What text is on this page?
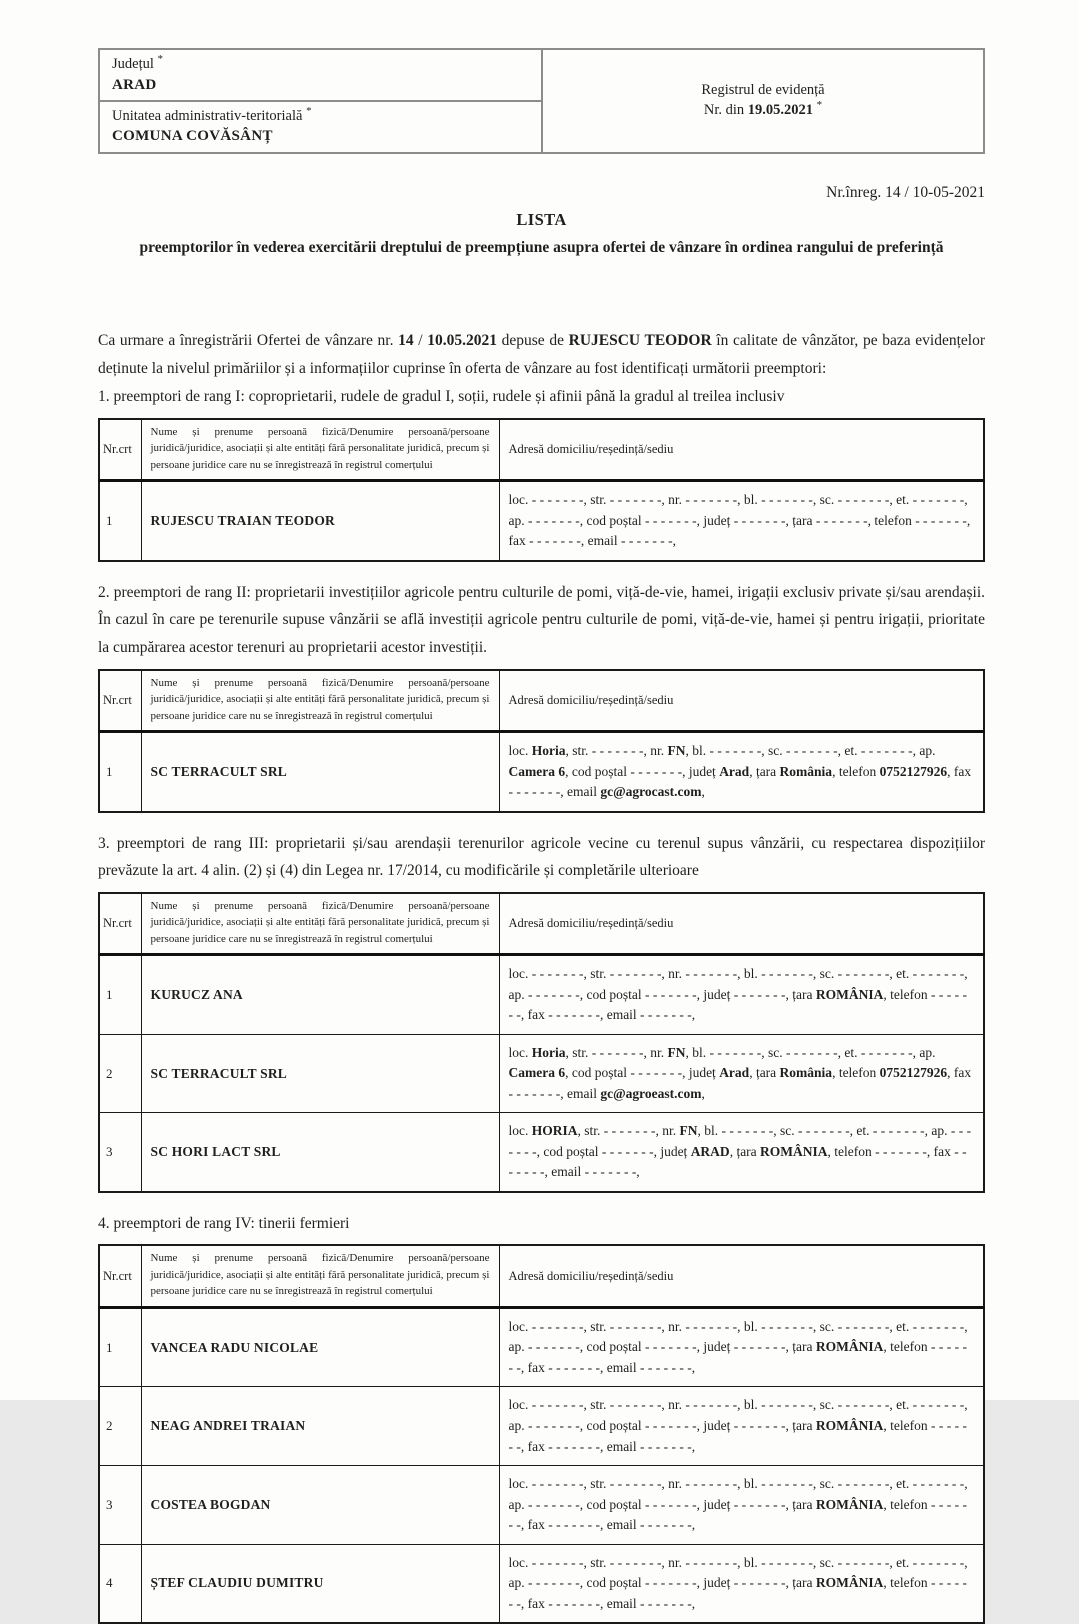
Județul *
ARAD	Registrul de evidență
Nr. din 19.05.2021 *
Unitatea administrativ-teritorială *
COMUNA COVĂSÂNȚ
Nr.înreg. 14 / 10-05-2021
LISTA
preemptorilor în vederea exercitării dreptului de preempțiune asupra ofertei de vânzare în ordinea rangului de preferință

Ca urmare a înregistrării Ofertei de vânzare nr. 14 / 10.05.2021 depuse de RUJESCU TEODOR în calitate de vânzător, pe baza evidențelor deținute la nivelul primăriilor și a informațiilor cuprinse în oferta de vânzare au fost identificați următorii preemptori:

1. preemptori de rang I: coproprietarii, rudele de gradul I, soții, rudele și afinii până la gradul al treilea inclusiv
Nr.crt	Nume și prenume persoană fizică/Denumire persoană/persoane juridică/juridice, asociații și alte entități fără personalitate juridică, precum și persoane juridice care nu se înregistrează în registrul comerțului	Adresă domiciliu/reședință/sediu
1	RUJESCU TRAIAN TEODOR	loc. - - - - - - -, str. - - - - - - -, nr. - - - - - - -, bl. - - - - - - -, sc. - - - - - - -, et. - - - - - - -, ap. - - - - - - -, cod poștal - - - - - - -, județ - - - - - - -, țara - - - - - - -, telefon - - - - - - -, fax - - - - - - -, email - - - - - - -,
2. preemptori de rang II: proprietarii investițiilor agricole pentru culturile de pomi, viță-de-vie, hamei, irigații exclusiv private și/sau arendașii. În cazul în care pe terenurile supuse vânzării se află investiții agricole pentru culturile de pomi, viță-de-vie, hamei și pentru irigații, prioritate la cumpărarea acestor terenuri au proprietarii acestor investiții.
Nr.crt	Nume și prenume persoană fizică/Denumire persoană/persoane juridică/juridice, asociații și alte entități fără personalitate juridică, precum și persoane juridice care nu se înregistrează în registrul comerțului	Adresă domiciliu/reședință/sediu
1	SC TERRACULT SRL	loc. Horia, str. - - - - - - -, nr. FN, bl. - - - - - - -, sc. - - - - - - -, et. - - - - - - -, ap. Camera 6, cod poștal - - - - - - -, județ Arad, țara România, telefon 0752127926, fax - - - - - - -, email gc@agrocast.com,
3. preemptori de rang III: proprietarii și/sau arendașii terenurilor agricole vecine cu terenul supus vânzării, cu respectarea dispozițiilor prevăzute la art. 4 alin. (2) și (4) din Legea nr. 17/2014, cu modificările și completările ulterioare
Nr.crt	Nume și prenume persoană fizică/Denumire persoană/persoane juridică/juridice, asociații și alte entități fără personalitate juridică, precum și persoane juridice care nu se înregistrează în registrul comerțului	Adresă domiciliu/reședință/sediu
1	KURUCZ ANA	loc. - - - - - - -, str. - - - - - - -, nr. - - - - - - -, bl. - - - - - - -, sc. - - - - - - -, et. - - - - - - -, ap. - - - - - - -, cod poștal - - - - - - -, județ - - - - - - -, țara ROMÂNIA, telefon - - - - - - -, fax - - - - - - -, email - - - - - - -,
2	SC TERRACULT SRL	loc. Horia, str. - - - - - - -, nr. FN, bl. - - - - - - -, sc. - - - - - - -, et. - - - - - - -, ap. Camera 6, cod poștal - - - - - - -, județ Arad, țara România, telefon 0752127926, fax - - - - - - -, email gc@agroeast.com,
3	SC HORI LACT SRL	loc. HORIA, str. - - - - - - -, nr. FN, bl. - - - - - - -, sc. - - - - - - -, et. - - - - - - -, ap. - - - - - - -, cod poștal - - - - - - -, județ ARAD, țara ROMÂNIA, telefon - - - - - - -, fax - - - - - - -, email - - - - - - -,
4. preemptori de rang IV: tinerii fermieri
Nr.crt	Nume și prenume persoană fizică/Denumire persoană/persoane juridică/juridice, asociații și alte entități fără personalitate juridică, precum și persoane juridice care nu se înregistrează în registrul comerțului	Adresă domiciliu/reședință/sediu
1	VANCEA RADU NICOLAE	loc. - - - - - - -, str. - - - - - - -, nr. - - - - - - -, bl. - - - - - - -, sc. - - - - - - -, et. - - - - - - -, ap. - - - - - - -, cod poștal - - - - - - -, județ - - - - - - -, țara ROMÂNIA, telefon - - - - - - -, fax - - - - - - -, email - - - - - - -,
2	NEAG ANDREI TRAIAN	loc. - - - - - - -, str. - - - - - - -, nr. - - - - - - -, bl. - - - - - - -, sc. - - - - - - -, et. - - - - - - -, ap. - - - - - - -, cod poștal - - - - - - -, județ - - - - - - -, țara ROMÂNIA, telefon - - - - - - -, fax - - - - - - -, email - - - - - - -,
3	COSTEA BOGDAN	loc. - - - - - - -, str. - - - - - - -, nr. - - - - - - -, bl. - - - - - - -, sc. - - - - - - -, et. - - - - - - -, ap. - - - - - - -, cod poștal - - - - - - -, județ - - - - - - -, țara ROMÂNIA, telefon - - - - - - -, fax - - - - - - -, email - - - - - - -,
4	ȘTEF CLAUDIU DUMITRU	loc. - - - - - - -, str. - - - - - - -, nr. - - - - - - -, bl. - - - - - - -, sc. - - - - - - -, et. - - - - - - -, ap. - - - - - - -, cod poștal - - - - - - -, județ - - - - - - -, țara ROMÂNIA, telefon - - - - - - -, fax - - - - - - -, email - - - - - - -,
